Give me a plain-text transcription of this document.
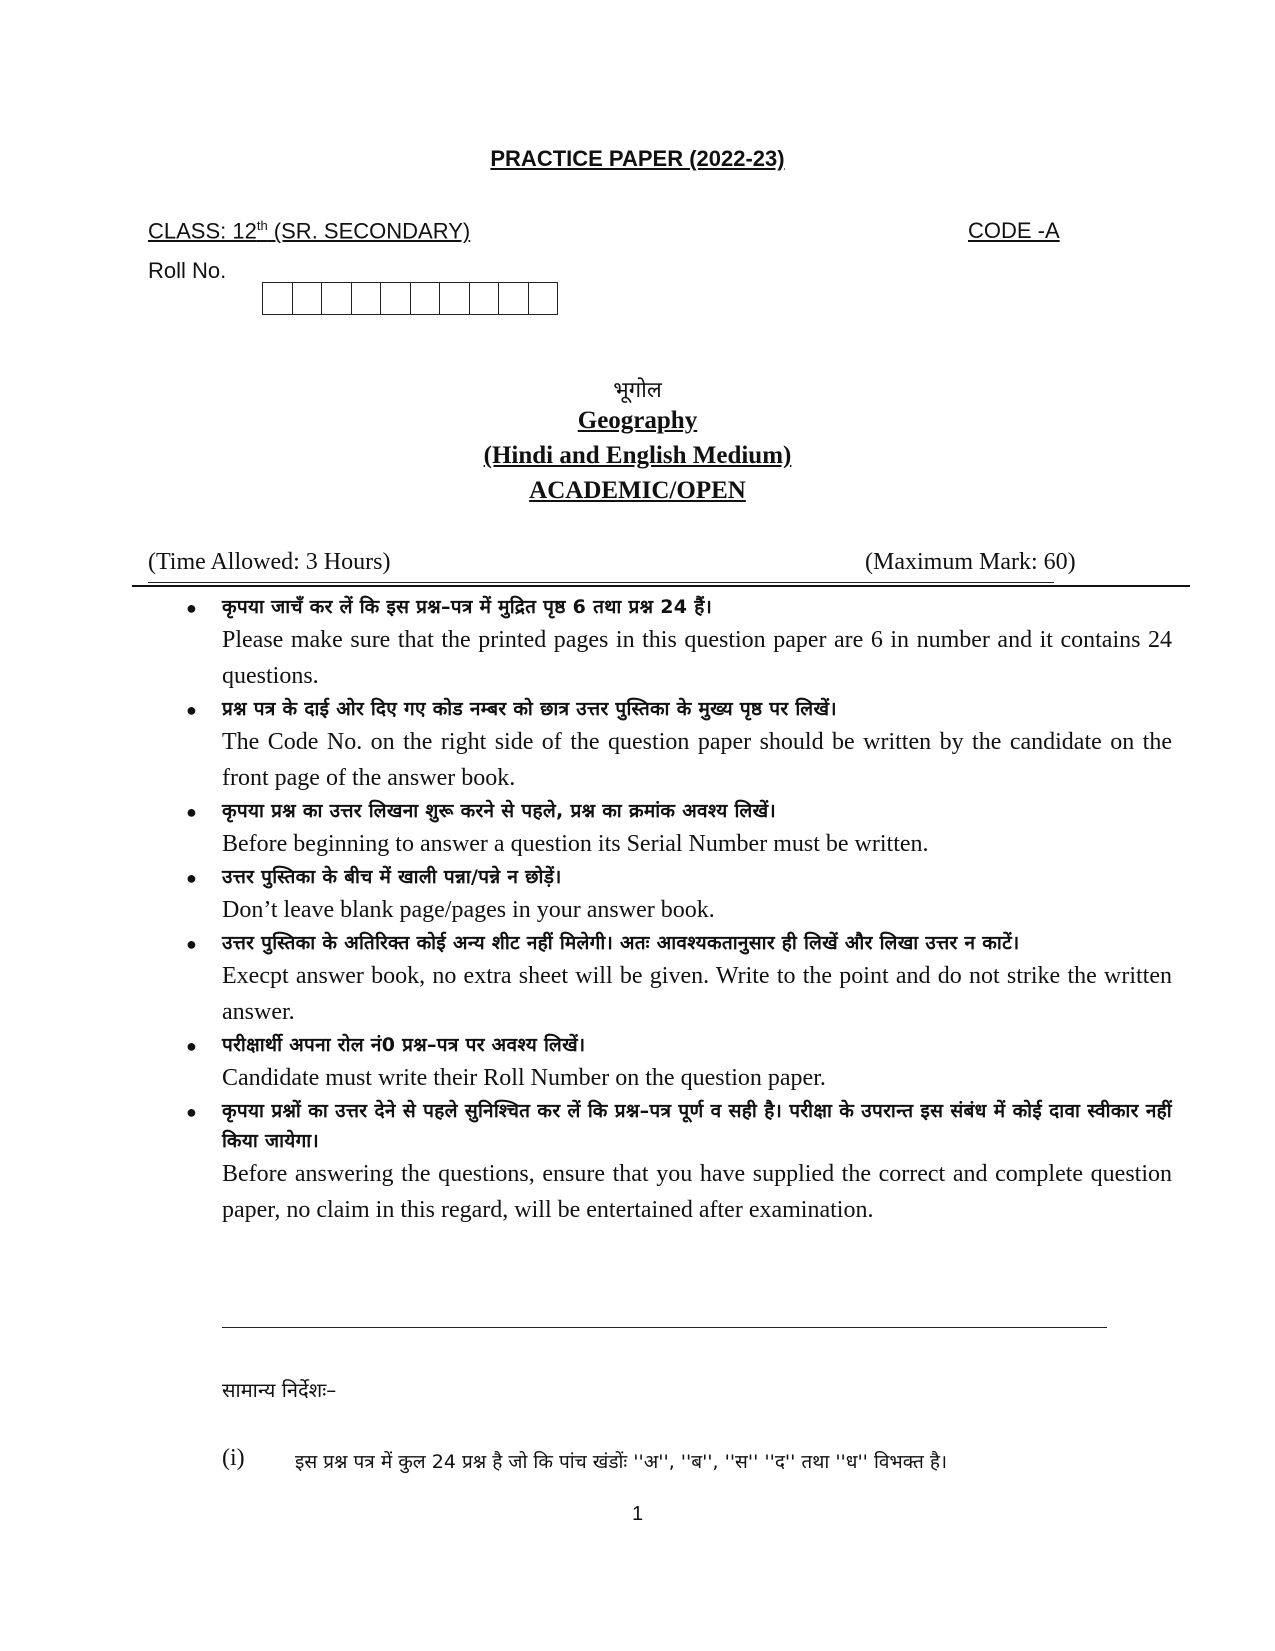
PRACTICE PAPER (2022-23)
CLASS: 12th (SR. SECONDARY)	CODE -A
Roll No.
भूगोल
Geography
(Hindi and English Medium)
ACADEMIC/OPEN
(Time Allowed: 3 Hours)	(Maximum Mark: 60)
● कृपया जाचँ कर लें कि इस प्रश्न–पत्र में मुद्रित पृष्ठ 6 तथा प्रश्न 24 हैं।
Please make sure that the printed pages in this question paper are 6 in number and it contains 24 questions.
● प्रश्न पत्र के दाई ओर दिए गए कोड नम्बर को छात्र उत्तर पुस्तिका के मुख्य पृष्ठ पर लिखें।
The Code No. on the right side of the question paper should be written by the candidate on the front page of the answer book.
● कृपया प्रश्न का उत्तर लिखना शुरू करने से पहले, प्रश्न का क्रमांक अवश्य लिखें।
Before beginning to answer a question its Serial Number must be written.
● उत्तर पुस्तिका के बीच में खाली पन्ना/पन्ने न छोड़ें।
Don’t leave blank page/pages in your answer book.
● उत्तर पुस्तिका के अतिरिक्त कोई अन्य शीट नहीं मिलेगी। अतः आवश्यकतानुसार ही लिखें और लिखा उत्तर न काटें।
Execpt answer book, no extra sheet will be given. Write to the point and do not strike the written answer.
● परीक्षार्थी अपना रोल नं0 प्रश्न–पत्र पर अवश्य लिखें।
Candidate must write their Roll Number on the question paper.
● कृपया प्रश्नों का उत्तर देने से पहले सुनिश्चित कर लें कि प्रश्न–पत्र पूर्ण व सही है। परीक्षा के उपरान्त इस संबंध में कोई दावा स्वीकार नहीं किया जायेगा।
Before answering the questions, ensure that you have supplied the correct and complete question paper, no claim in this regard, will be entertained after examination.
सामान्य निर्देशः–
(i)	इस प्रश्न पत्र में कुल 24 प्रश्न है जो कि पांच खंडोंः ''अ'', ''ब'', ''स'' ''द'' तथा ''ध'' विभक्त है।
1
